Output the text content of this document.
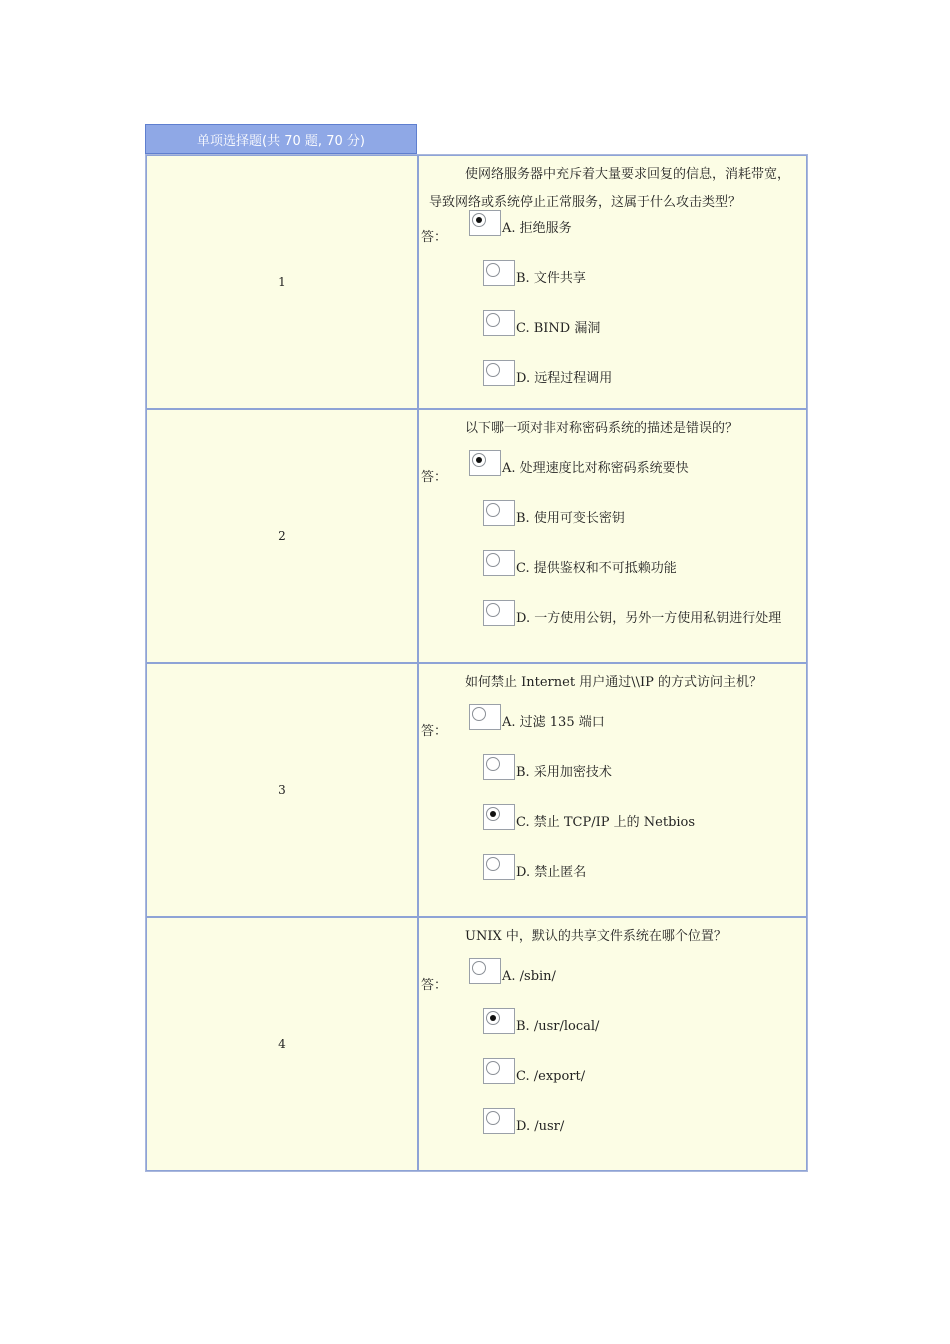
单项选择题(共 70 题, 70 分)
1
使网络服务器中充斥着大量要求回复的信息，消耗带宽，导致网络或系统停止正常服务，这属于什么攻击类型？
答：
A. 拒绝服务
B. 文件共享
C. BIND 漏洞
D. 远程过程调用
2
以下哪一项对非对称密码系统的描述是错误的？
答：
A. 处理速度比对称密码系统要快
B. 使用可变长密钥
C. 提供鉴权和不可抵赖功能
D. 一方使用公钥，另外一方使用私钥进行处理
3
如何禁止 Internet 用户通过\\IP 的方式访问主机？
答：
A. 过滤 135 端口
B. 采用加密技术
C. 禁止 TCP/IP 上的 Netbios
D. 禁止匿名
4
UNIX 中，默认的共享文件系统在哪个位置？
答：
A. /sbin/
B. /usr/local/
C. /export/
D. /usr/
